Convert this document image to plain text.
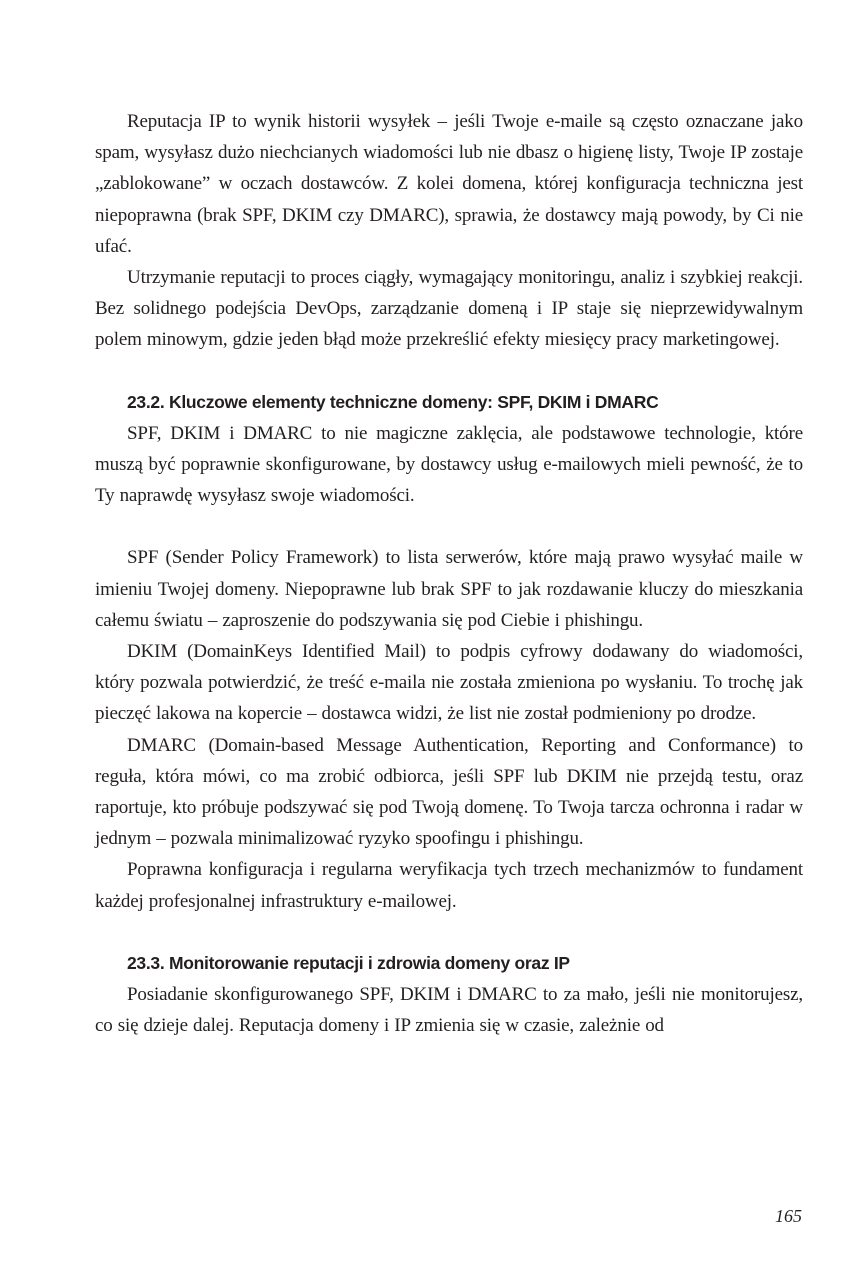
Reputacja IP to wynik historii wysyłek – jeśli Twoje e-maile są często oznaczane jako spam, wysyłasz dużo niechcianych wiadomości lub nie dbasz o higienę listy, Twoje IP zostaje „zablokowane” w oczach dostawców. Z kolei domena, której konfiguracja techniczna jest niepoprawna (brak SPF, DKIM czy DMARC), sprawia, że dostawcy mają powody, by Ci nie ufać.

Utrzymanie reputacji to proces ciągły, wymagający monitoringu, analiz i szybkiej reakcji. Bez solidnego podejścia DevOps, zarządzanie domeną i IP staje się nieprzewidywalnym polem minowym, gdzie jeden błąd może przekreślić efekty miesięcy pracy marketingowej.

23.2. Kluczowe elementy techniczne domeny: SPF, DKIM i DMARC

SPF, DKIM i DMARC to nie magiczne zaklęcia, ale podstawowe technologie, które muszą być poprawnie skonfigurowane, by dostawcy usług e-mailowych mieli pewność, że to Ty naprawdę wysyłasz swoje wiadomości.

SPF (Sender Policy Framework) to lista serwerów, które mają prawo wysyłać maile w imieniu Twojej domeny. Niepoprawne lub brak SPF to jak rozdawanie kluczy do mieszkania całemu światu – zaproszenie do podszywania się pod Ciebie i phishingu.

DKIM (DomainKeys Identified Mail) to podpis cyfrowy dodawany do wiadomości, który pozwala potwierdzić, że treść e-maila nie została zmieniona po wysłaniu. To trochę jak pieczęć lakowa na kopercie – dostawca widzi, że list nie został podmieniony po drodze.

DMARC (Domain-based Message Authentication, Reporting and Conformance) to reguła, która mówi, co ma zrobić odbiorca, jeśli SPF lub DKIM nie przejdą testu, oraz raportuje, kto próbuje podszywać się pod Twoją domenę. To Twoja tarcza ochronna i radar w jednym – pozwala minimalizować ryzyko spoofingu i phishingu.

Poprawna konfiguracja i regularna weryfikacja tych trzech mechanizmów to fundament każdej profesjonalnej infrastruktury e-mailowej.

23.3. Monitorowanie reputacji i zdrowia domeny oraz IP

Posiadanie skonfigurowanego SPF, DKIM i DMARC to za mało, jeśli nie monitorujesz, co się dzieje dalej. Reputacja domeny i IP zmienia się w czasie, zależnie od

165
